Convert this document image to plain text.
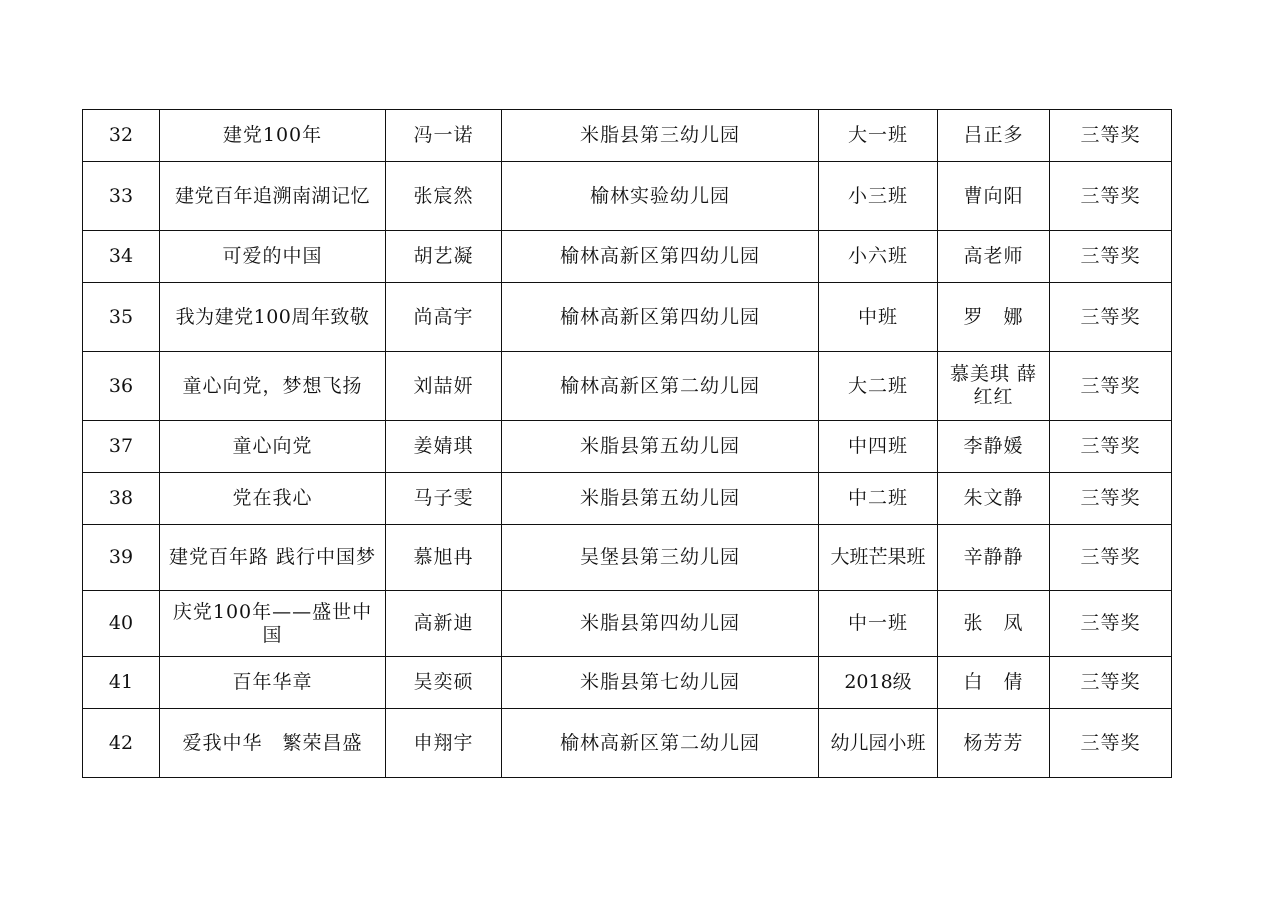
32	建党100年	冯一诺	米脂县第三幼儿园	大一班	吕正多	三等奖
33	建党百年追溯南湖记忆	张宸然	榆林实验幼儿园	小三班	曹向阳	三等奖
34	可爱的中国	胡艺凝	榆林高新区第四幼儿园	小六班	高老师	三等奖
35	我为建党100周年致敬	尚高宇	榆林高新区第四幼儿园	中班	罗　娜	三等奖
36	童心向党，梦想飞扬	刘喆妍	榆林高新区第二幼儿园	大二班	慕美琪 薛红红	三等奖
37	童心向党	姜婧琪	米脂县第五幼儿园	中四班	李静媛	三等奖
38	党在我心	马子雯	米脂县第五幼儿园	中二班	朱文静	三等奖
39	建党百年路 践行中国梦	慕旭冉	吴堡县第三幼儿园	大班芒果班	辛静静	三等奖
40	庆党100年——盛世中国	高新迪	米脂县第四幼儿园	中一班	张　凤	三等奖
41	百年华章	吴奕硕	米脂县第七幼儿园	2018级	白　倩	三等奖
42	爱我中华　繁荣昌盛	申翔宇	榆林高新区第二幼儿园	幼儿园小班	杨芳芳	三等奖
